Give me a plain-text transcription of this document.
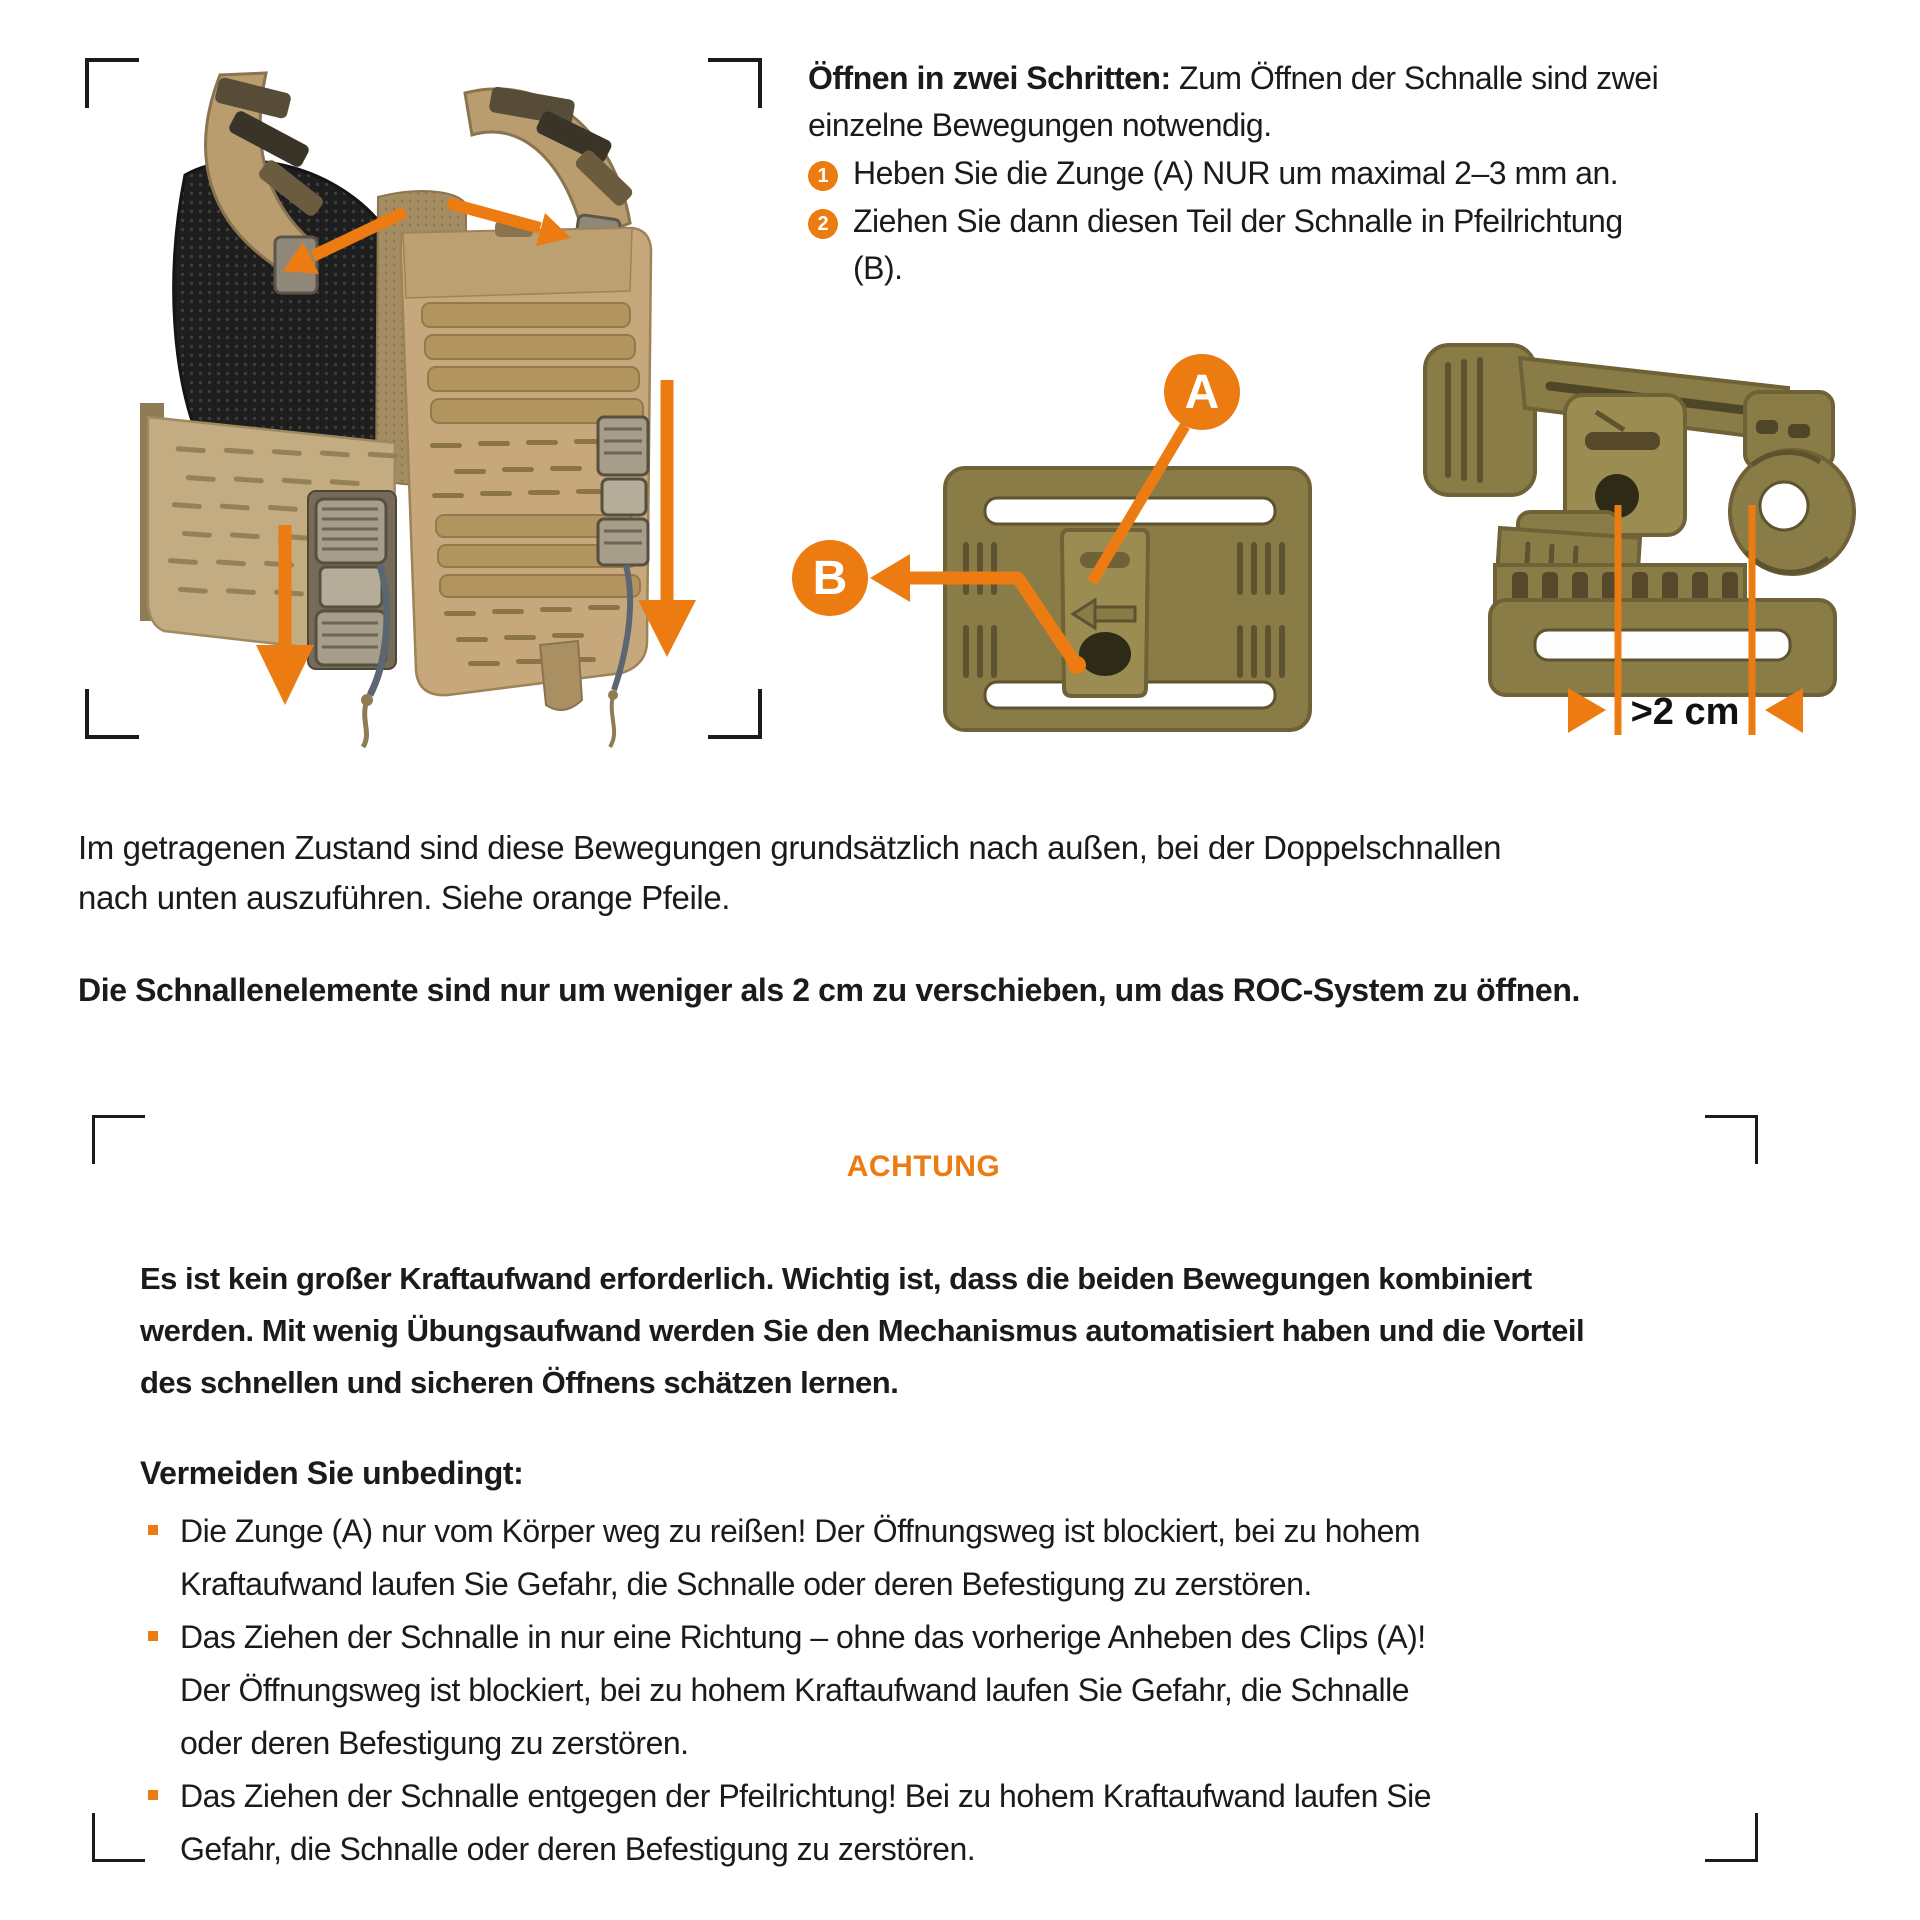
Öffnen in zwei Schritten: Zum Öffnen der Schnalle sind zwei
einzelne Bewegungen notwendig.
1 Heben Sie die Zunge (A) NUR um maximal 2–3 mm an.
2 Ziehen Sie dann diesen Teil der Schnalle in Pfeilrichtung
(B).
A
B
>2 cm
Im getragenen Zustand sind diese Bewegungen grundsätzlich nach außen, bei der Doppelschnallen
nach unten auszuführen. Siehe orange Pfeile.
Die Schnallenelemente sind nur um weniger als 2 cm zu verschieben, um das ROC-System zu öffnen.
ACHTUNG
Es ist kein großer Kraftaufwand erforderlich. Wichtig ist, dass die beiden Bewegungen kombiniert
werden. Mit wenig Übungsaufwand werden Sie den Mechanismus automatisiert haben und die Vorteil
des schnellen und sicheren Öffnens schätzen lernen.
Vermeiden Sie unbedingt:
Die Zunge (A) nur vom Körper weg zu reißen! Der Öffnungsweg ist blockiert, bei zu hohem
Kraftaufwand laufen Sie Gefahr, die Schnalle oder deren Befestigung zu zerstören.
Das Ziehen der Schnalle in nur eine Richtung – ohne das vorherige Anheben des Clips (A)!
Der Öffnungsweg ist blockiert, bei zu hohem Kraftaufwand laufen Sie Gefahr, die Schnalle
oder deren Befestigung zu zerstören.
Das Ziehen der Schnalle entgegen der Pfeilrichtung! Bei zu hohem Kraftaufwand laufen Sie
Gefahr, die Schnalle oder deren Befestigung zu zerstören.
